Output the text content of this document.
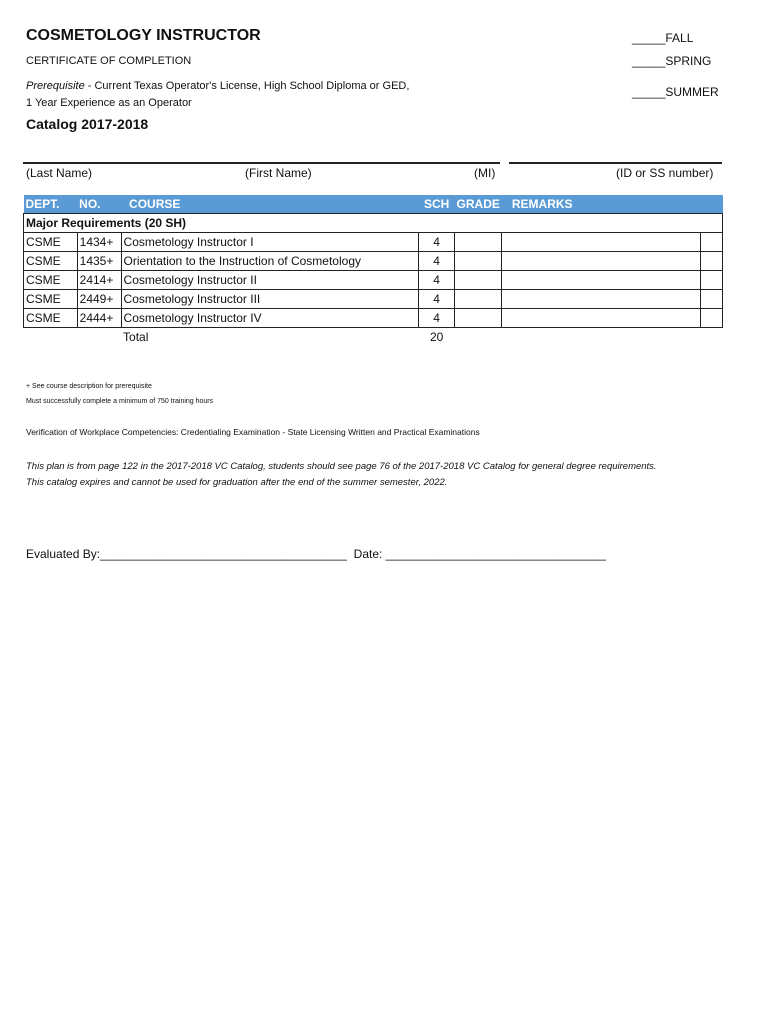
COSMETOLOGY INSTRUCTOR
CERTIFICATE OF COMPLETION
Prerequisite - Current Texas Operator's License, High School Diploma or GED,
1 Year Experience as an Operator
Catalog 2017-2018
_____FALL
_____SPRING
_____SUMMER
(Last Name)	(First Name)	(MI)	(ID or SS number)
DEPT.	NO.	COURSE	SCH	GRADE	REMARKS	
Major Requirements (20 SH)						
CSME	1434+	Cosmetology Instructor I	4			
CSME	1435+	Orientation to the Instruction of Cosmetology	4			
CSME	2414+	Cosmetology Instructor II	4			
CSME	2449+	Cosmetology Instructor III	4			
CSME	2444+	Cosmetology Instructor IV	4			
		Total	20			
+ See course description for prerequisite
Must successfully complete a minimum of 750 training hours
Verification of Workplace Competencies: Credentialing Examination - State Licensing Written and Practical Examinations
This plan is from page 122 in the 2017-2018 VC Catalog, students should see page 76 of the 2017-2018 VC Catalog for general degree requirements. This catalog expires and cannot be used for graduation after the end of the summer semester, 2022.
Evaluated By:_____________________________________ Date: _________________________________
